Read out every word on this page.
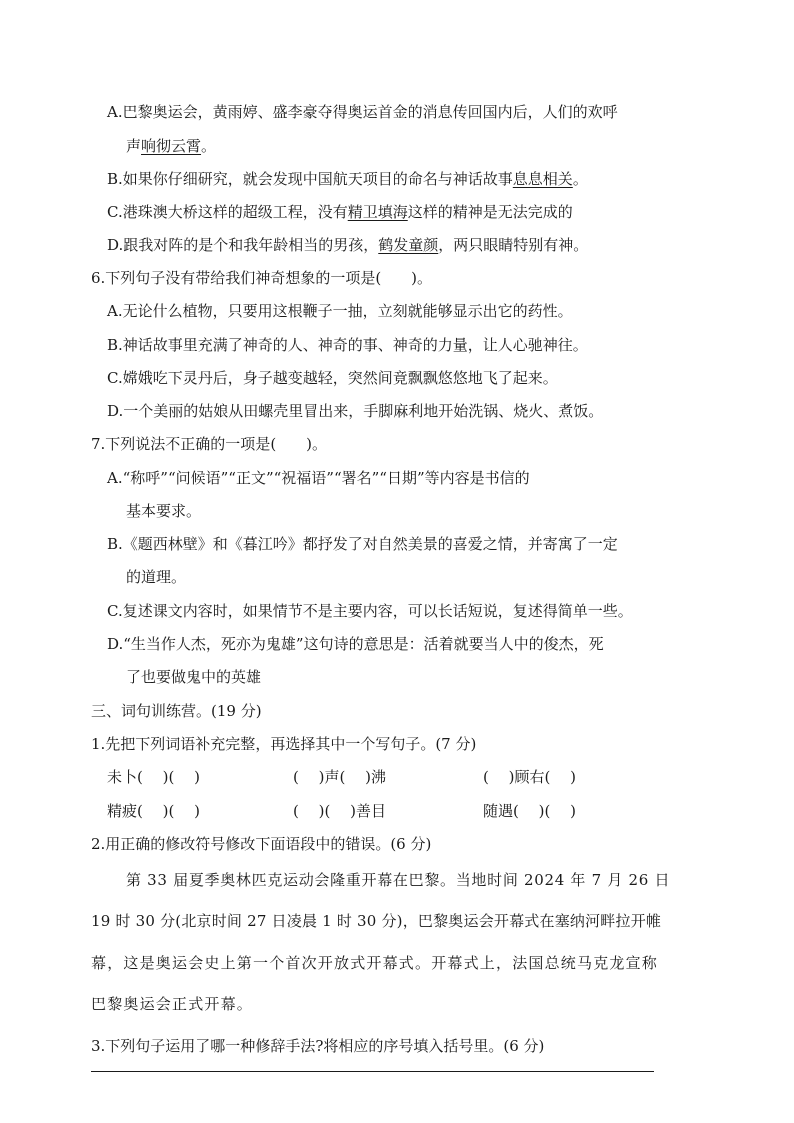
A.巴黎奥运会，黄雨婷、盛李豪夺得奥运首金的消息传回国内后，人们的欢呼
声响彻云霄。
B.如果你仔细研究，就会发现中国航天项目的命名与神话故事息息相关。
C.港珠澳大桥这样的超级工程，没有精卫填海这样的精神是无法完成的
D.跟我对阵的是个和我年龄相当的男孩，鹤发童颜，两只眼睛特别有神。
6.下列句子没有带给我们神奇想象的一项是(　　)。
A.无论什么植物，只要用这根鞭子一抽，立刻就能够显示出它的药性。
B.神话故事里充满了神奇的人、神奇的事、神奇的力量，让人心驰神往。
C.嫦娥吃下灵丹后，身子越变越轻，突然间竟飘飘悠悠地飞了起来。
D.一个美丽的姑娘从田螺壳里冒出来，手脚麻利地开始洗锅、烧火、煮饭。
7.下列说法不正确的一项是(　　)。
A.“称呼”“问候语”“正文”“祝福语”“署名”“日期”等内容是书信的
基本要求。
B.《题西林壁》和《暮江吟》都抒发了对自然美景的喜爱之情，并寄寓了一定
的道理。
C.复述课文内容时，如果情节不是主要内容，可以长话短说，复述得简单一些。
D.“生当作人杰，死亦为鬼雄”这句诗的意思是：活着就要当人中的俊杰，死
了也要做鬼中的英雄
三、词句训练营。(19 分)
1.先把下列词语补充完整，再选择其中一个写句子。(7 分)
未卜(　 )(　 )	(　 )声(　 )沸	(　 )顾右(　 )
精疲(　 )(　 )	(　 )(　 )善目	随遇(　 )(　 )
2.用正确的修改符号修改下面语段中的错误。(6 分)
第 33 届夏季奥林匹克运动会隆重开幕在巴黎。当地时间 2024 年 7 月 26 日
19 时 30 分(北京时间 27 日凌晨 1 时 30 分)，巴黎奥运会开幕式在塞纳河畔拉开帷
幕，这是奥运会史上第一个首次开放式开幕式。开幕式上，法国总统马克龙宣称
巴黎奥运会正式开幕。
3.下列句子运用了哪一种修辞手法?将相应的序号填入括号里。(6 分)
